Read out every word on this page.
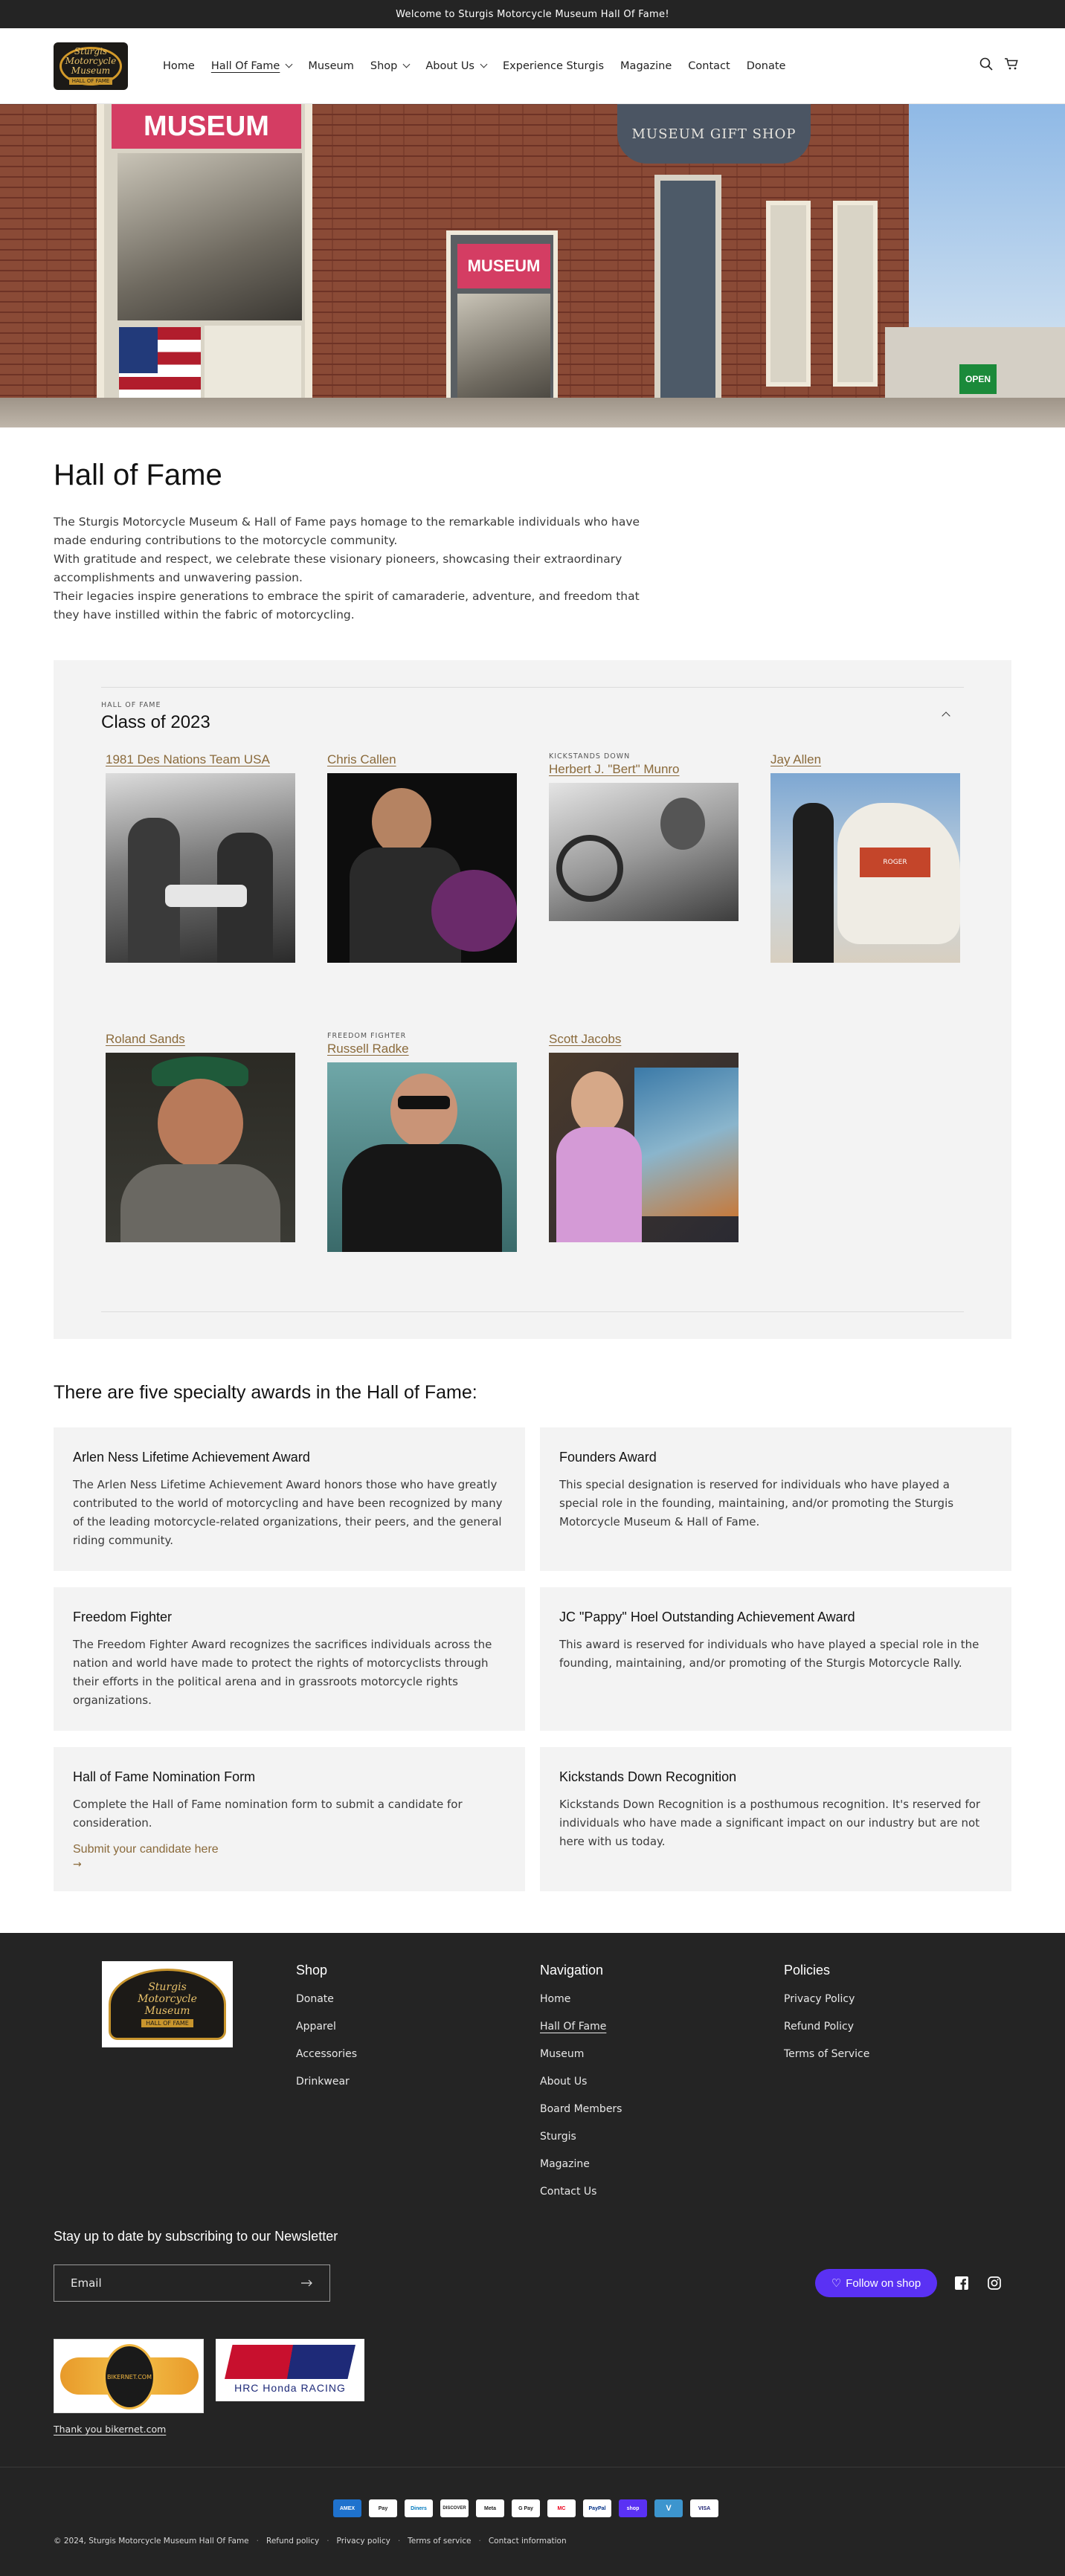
Welcome to Sturgis Motorcycle Museum Hall Of Fame!
Sturgis
Motorcycle
Museum
HALL OF FAME
Home Hall Of Fame	Museum Shop	About Us	Experience Sturgis Magazine Contact Donate
MUSEUM
MUSEUM
MUSEUM GIFT SHOP
OPEN
Hall of Fame

The Sturgis Motorcycle Museum & Hall of Fame pays homage to the remarkable individuals who have made enduring contributions to the motorcycle community.

With gratitude and respect, we celebrate these visionary pioneers, showcasing their extraordinary accomplishments and unwavering passion.

Their legacies inspire generations to embrace the spirit of camaraderie, adventure, and freedom that they have instilled within the fabric of motorcycling.

HALL OF FAME
Class of 2023
1981 Des Nations Team USA	Chris Callen	KICKSTANDS DOWN
Herbert J. "Bert" Munro
Jay Allen
ROGER
Roland Sands	FREEDOM FIGHTER
Russell Radke
Scott Jacobs
There are five specialty awards in the Hall of Fame:
Arlen Ness Lifetime Achievement Award

The Arlen Ness Lifetime Achievement Award honors those who have greatly contributed to the world of motorcycling and have been recognized by many of the leading motorcycle-related organizations, their peers, and the general riding community.

Founders Award

This special designation is reserved for individuals who have played a special role in the founding, maintaining, and/or promoting the Sturgis Motorcycle Museum & Hall of Fame.

Freedom Fighter

The Freedom Fighter Award recognizes the sacrifices individuals across the nation and world have made to protect the rights of motorcyclists through their efforts in the political arena and in grassroots motorcycle rights organizations.

JC "Pappy" Hoel Outstanding Achievement Award

This award is reserved for individuals who have played a special role in the founding, maintaining, and/or promoting of the Sturgis Motorcycle Rally.

Hall of Fame Nomination Form

Complete the Hall of Fame nomination form to submit a candidate for consideration.

Submit your candidate here
→
Kickstands Down Recognition

Kickstands Down Recognition is a posthumous recognition. It's reserved for individuals who have made a significant impact on our industry but are not here with us today.

Sturgis
Motorcycle
Museum
HALL OF FAME
Shop
Donate
Apparel
Accessories
Drinkwear
Navigation
Home
Hall Of Fame
Museum
About Us
Board Members
Sturgis
Magazine
Contact Us
Policies
Privacy Policy
Refund Policy
Terms of Service
Stay up to date by subscribing to our Newsletter
Email	♡ Follow on shop
BIKERNET.COM
HRC Honda RACING
Thank you bikernet.com
AMEX	Pay	Diners	DISCOVER	Meta	G Pay	MC	PayPal	shop	V	VISA
© 2024, Sturgis Motorcycle Museum Hall Of Fame · Refund policy · Privacy policy · Terms of service · Contact information
